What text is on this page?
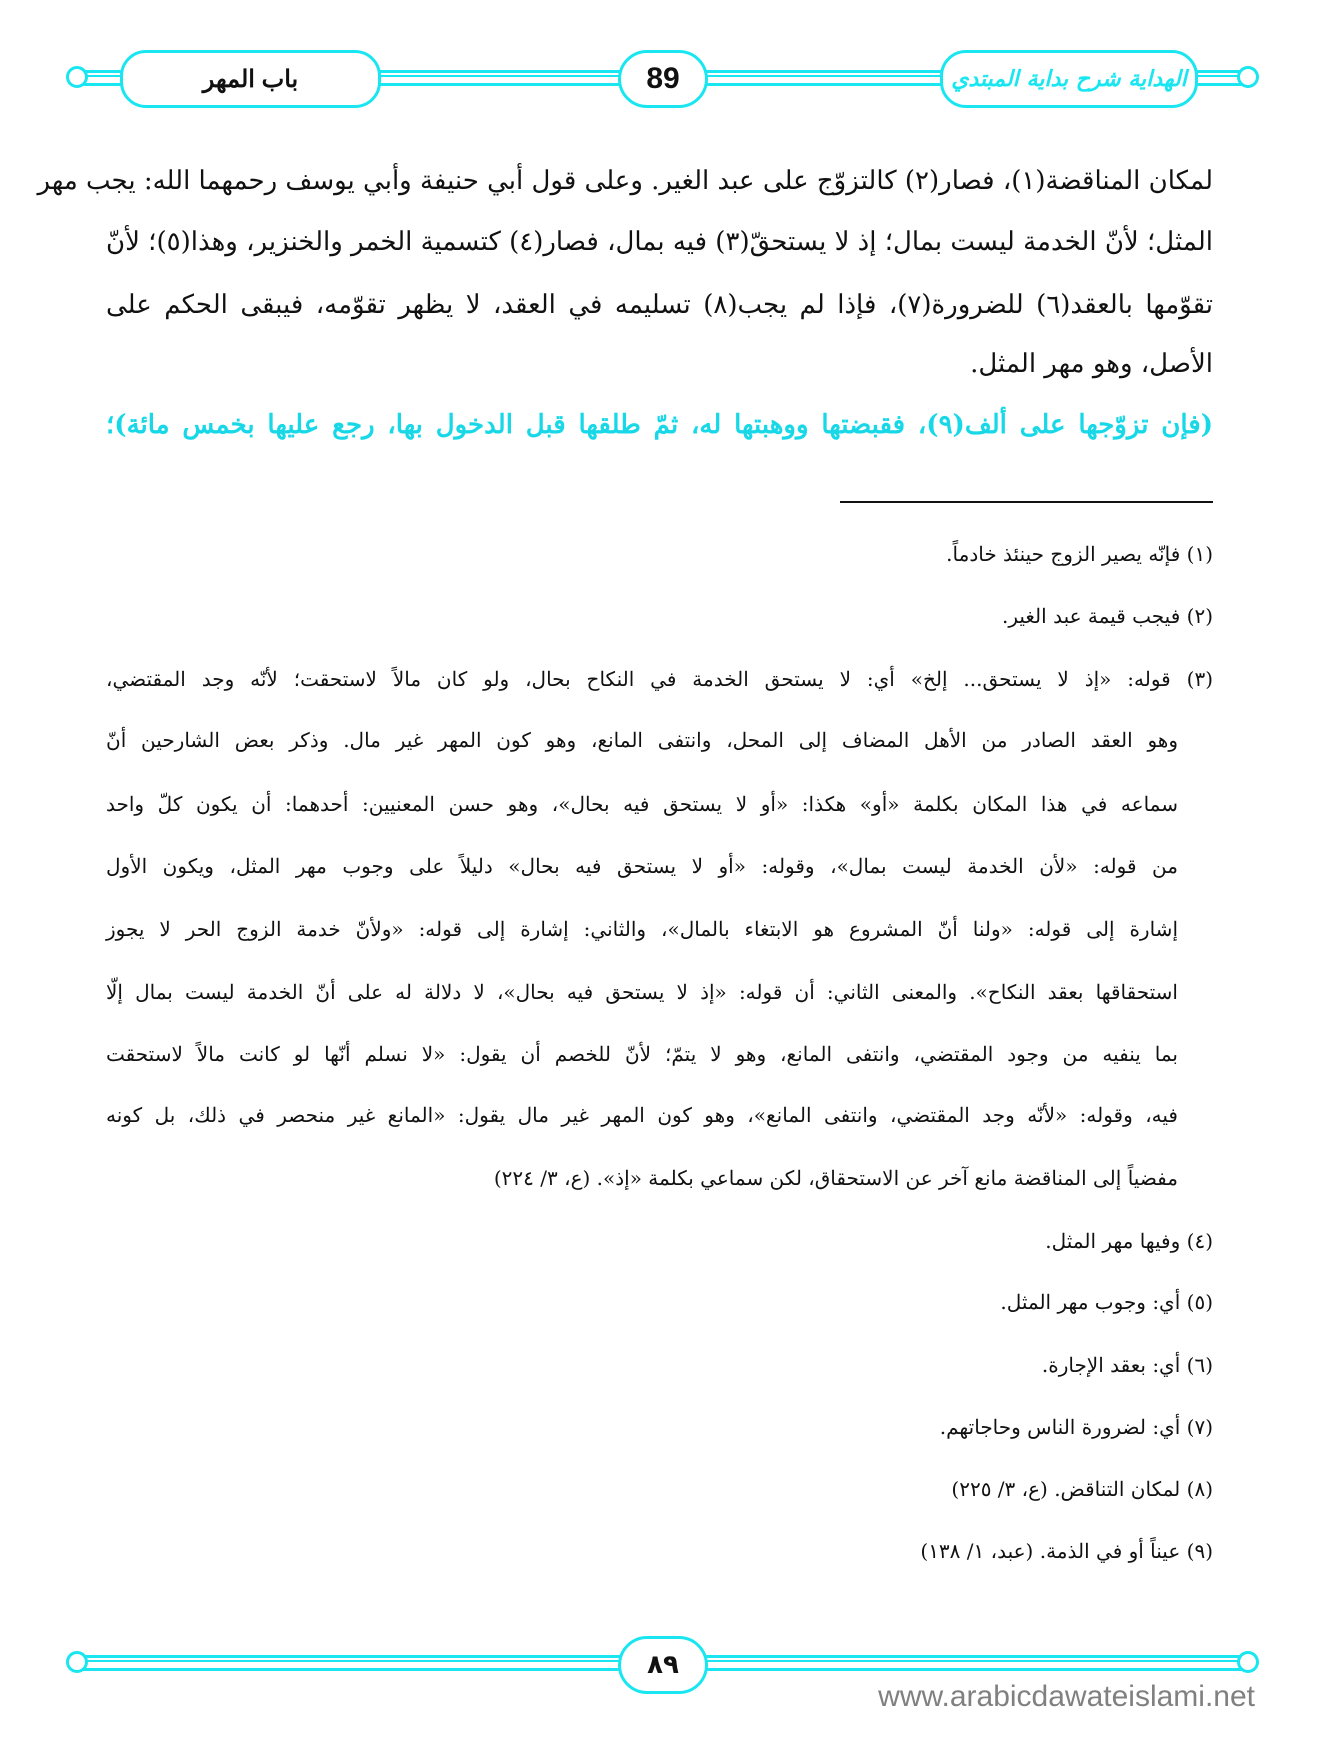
باب المهر	89	الهداية شرح بداية المبتدي
لمكان المناقضة(١)، فصار(٢) كالتزوّج على عبد الغير. وعلى قول أبي حنيفة وأبي يوسف رحمهما الله: يجب مهر
المثل؛ لأنّ الخدمة ليست بمال؛ إذ لا يستحقّ(٣) فيه بمال، فصار(٤) كتسمية الخمر والخنزير، وهذا(٥)؛ لأنّ
تقوّمها بالعقد(٦) للضرورة(٧)، فإذا لم يجب(٨) تسليمه في العقد، لا يظهر تقوّمه، فيبقى الحكم على
الأصل، وهو مهر المثل.
(فإن تزوّجها على ألف(٩)، فقبضتها ووهبتها له، ثمّ طلقها قبل الدخول بها، رجع عليها بخمس مائة)؛
(١) فإنّه يصير الزوج حينئذ خادماً.
(٢) فيجب قيمة عبد الغير.
(٣) قوله: «إذ لا يستحق... إلخ» أي: لا يستحق الخدمة في النكاح بحال، ولو كان مالاً لاستحقت؛ لأنّه وجد المقتضي،
وهو العقد الصادر من الأهل المضاف إلى المحل، وانتفى المانع، وهو كون المهر غير مال. وذكر بعض الشارحين أنّ
سماعه في هذا المكان بكلمة «أو» هكذا: «أو لا يستحق فيه بحال»، وهو حسن المعنيين: أحدهما: أن يكون كلّ واحد
من قوله: «لأن الخدمة ليست بمال»، وقوله: «أو لا يستحق فيه بحال» دليلاً على وجوب مهر المثل، ويكون الأول
إشارة إلى قوله: «ولنا أنّ المشروع هو الابتغاء بالمال»، والثاني: إشارة إلى قوله: «ولأنّ خدمة الزوج الحر لا يجوز
استحقاقها بعقد النكاح». والمعنى الثاني: أن قوله: «إذ لا يستحق فيه بحال»، لا دلالة له على أنّ الخدمة ليست بمال إلّا
بما ينفيه من وجود المقتضي، وانتفى المانع، وهو لا يتمّ؛ لأنّ للخصم أن يقول: «لا نسلم أنّها لو كانت مالاً لاستحقت
فيه، وقوله: «لأنّه وجد المقتضي، وانتفى المانع»، وهو كون المهر غير مال يقول: «المانع غير منحصر في ذلك، بل كونه
مفضياً إلى المناقضة مانع آخر عن الاستحقاق، لكن سماعي بكلمة «إذ». (ع، ٣/ ٢٢٤)
(٤) وفيها مهر المثل.
(٥) أي: وجوب مهر المثل.
(٦) أي: بعقد الإجارة.
(٧) أي: لضرورة الناس وحاجاتهم.
(٨) لمكان التناقض. (ع، ٣/ ٢٢٥)
(٩) عيناً أو في الذمة. (عبد، ١/ ١٣٨)
٨٩
www.arabicdawateislami.net
